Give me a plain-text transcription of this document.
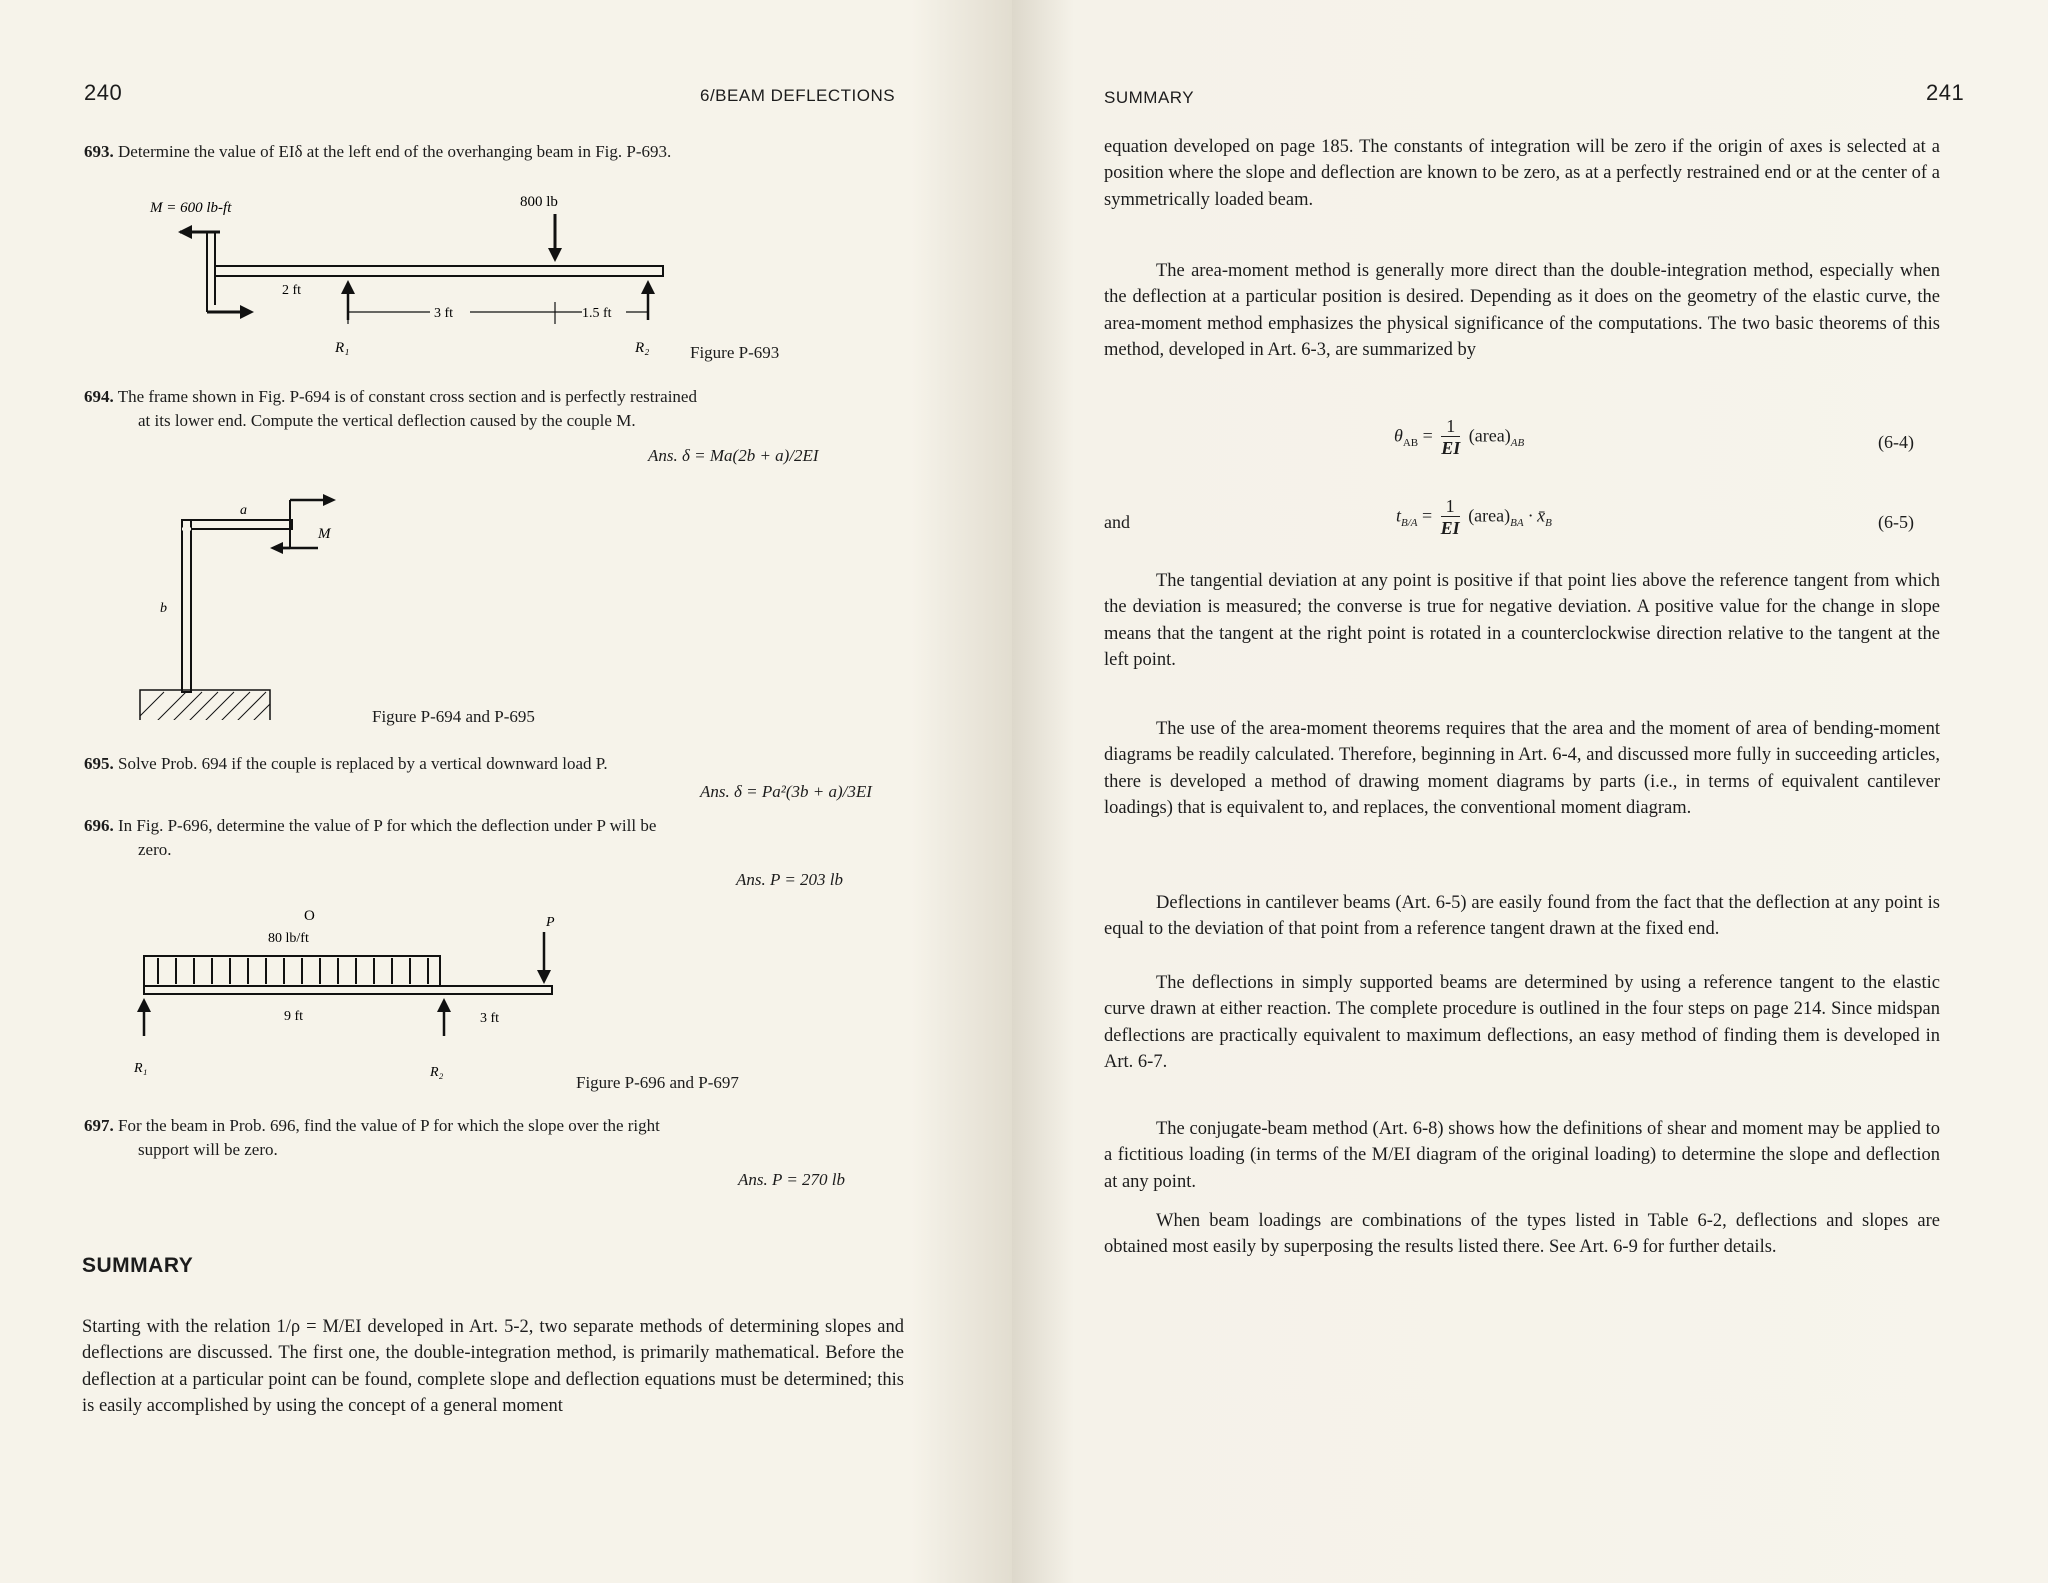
240	6/BEAM DEFLECTIONS
693. Determine the value of EIδ at the left end of the overhanging beam in Fig. P-693.
M = 600 lb-ft	800 lb
R₁	R₂
2 ft
3 ft	1.5 ft
Figure P-693
694. The frame shown in Fig. P-694 is of constant cross section and is perfectly restrained
at its lower end. Compute the vertical deflection caused by the couple M.
Ans. δ = Ma(2b + a)/2EI
a
b
M
Figure P-694 and P-695
695. Solve Prob. 694 if the couple is replaced by a vertical downward load P.
Ans. δ = Pa²(3b + a)/3EI
696. In Fig. P-696, determine the value of P for which the deflection under P will be
zero.
Ans. P = 203 lb
O
80 lb/ft
P
9 ft	3 ft
R₁	R₂
Figure P-696 and P-697
697. For the beam in Prob. 696, find the value of P for which the slope over the right
support will be zero.
Ans. P = 270 lb
SUMMARY
Starting with the relation 1/ρ = M/EI developed in Art. 5-2, two separate methods of determining slopes and deflections are discussed. The first one, the double-integration method, is primarily mathematical. Before the deflection at a particular point can be found, complete slope and deflection equations must be determined; this is easily accomplished by using the concept of a general moment
SUMMARY	241
equation developed on page 185. The constants of integration will be zero if the origin of axes is selected at a position where the slope and deflection are known to be zero, as at a perfectly restrained end or at the center of a symmetrically loaded beam.
The area-moment method is generally more direct than the double-integration method, especially when the deflection at a particular position is desired. Depending as it does on the geometry of the elastic curve, the area-moment method emphasizes the physical significance of the computations. The two basic theorems of this method, developed in Art. 6-3, are summarized by
$\theta_{AB} = \frac{1}{EI}$ $(area)_{AB}$	(6-4)
and	$t_{B/A} = \frac{1}{EI}$ $(area)_{BA}$ · $x̄_B$	(6-5)
The tangential deviation at any point is positive if that point lies above the reference tangent from which the deviation is measured; the converse is true for negative deviation. A positive value for the change in slope means that the tangent at the right point is rotated in a counterclockwise direction relative to the tangent at the left point.
The use of the area-moment theorems requires that the area and the moment of area of bending-moment diagrams be readily calculated. Therefore, beginning in Art. 6-4, and discussed more fully in succeeding articles, there is developed a method of drawing moment diagrams by parts (i.e., in terms of equivalent cantilever loadings) that is equivalent to, and replaces, the conventional moment diagram.
Deflections in cantilever beams (Art. 6-5) are easily found from the fact that the deflection at any point is equal to the deviation of that point from a reference tangent drawn at the fixed end.
The deflections in simply supported beams are determined by using a reference tangent to the elastic curve drawn at either reaction. The complete procedure is outlined in the four steps on page 214. Since midspan deflections are practically equivalent to maximum deflections, an easy method of finding them is developed in Art. 6-7.
The conjugate-beam method (Art. 6-8) shows how the definitions of shear and moment may be applied to a fictitious loading (in terms of the M/EI diagram of the original loading) to determine the slope and deflection at any point.
When beam loadings are combinations of the types listed in Table 6-2, deflections and slopes are obtained most easily by superposing the results listed there. See Art. 6-9 for further details.
